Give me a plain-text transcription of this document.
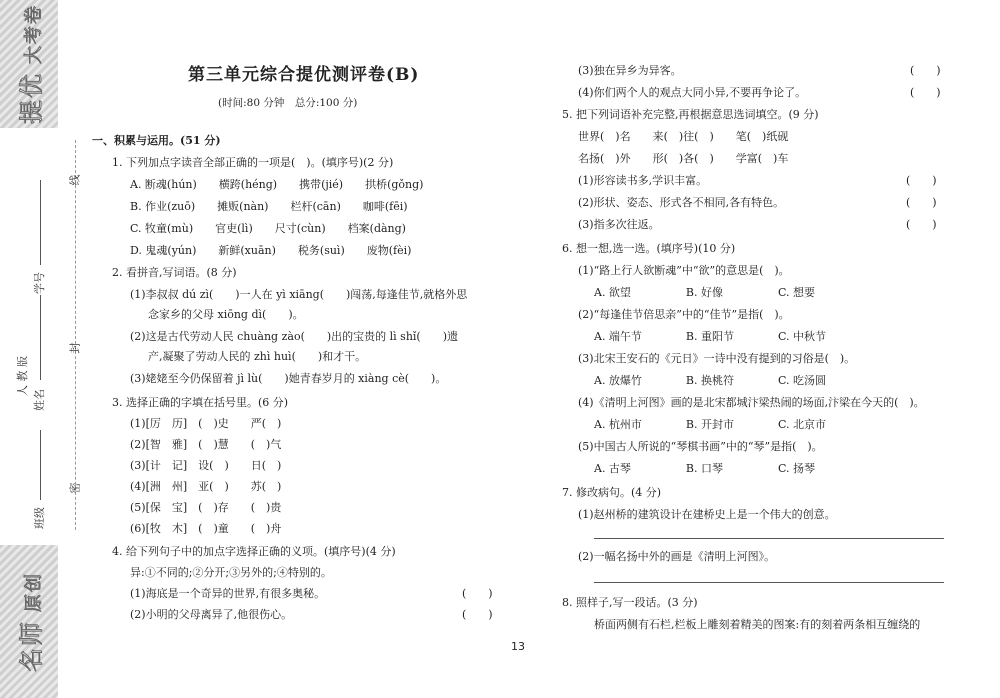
提优大考卷
名师原创
人 教 版
班级
姓名
学号
线
封
密
第三单元综合提优测评卷(B)
(时间:80 分钟　总分:100 分)
一、积累与运用。(51 分)
1. 下列加点字读音全部正确的一项是(　)。(填序号)(2 分)
A. 断魂(hún)　　横跨(héng)　　携带(jié)　　拱桥(gǒng)
B. 作业(zuō)　　摊贩(nàn)　　栏杆(cān)　　咖啡(fēi)
C. 牧童(mù)　　官吏(lì)　　尺寸(cùn)　　档案(dàng)
D. 鬼魂(yún)　　新鲜(xuān)　　税务(suì)　　废物(fèi)
2. 看拼音,写词语。(8 分)
(1)李叔叔 dú zì(　　)一人在 yì xiāng(　　)闯荡,每逢佳节,就格外思
念家乡的父母 xiōng dì(　　)。
(2)这是古代劳动人民 chuàng zào(　　)出的宝贵的 lì shǐ(　　)遗
产,凝聚了劳动人民的 zhì huì(　　)和才干。
(3)姥姥至今仍保留着 jì lù(　　)她青春岁月的 xiàng cè(　　)。
3. 选择正确的字填在括号里。(6 分)
(1)[厉　历]　(　)史　　严(　)
(2)[智　雅]　(　)慧　　(　)气
(3)[计　记]　设(　)　　日(　)
(4)[洲　州]　亚(　)　　苏(　)
(5)[保　宝]　(　)存　　(　)贵
(6)[牧　木]　(　)童　　(　)舟
4. 给下列句子中的加点字选择正确的义项。(填序号)(4 分)
异:①不同的;②分开;③另外的;④特别的。
(1)海底是一个奇异的世界,有很多奥秘。	(　　)
(2)小明的父母离异了,他很伤心。	(　　)
(3)独在异乡为异客。	(　　)
(4)你们两个人的观点大同小异,不要再争论了。	(　　)
5. 把下列词语补充完整,再根据意思选词填空。(9 分)
世界(　)名　　来(　)往(　)　　笔(　)纸砚
名扬(　)外　　形(　)各(　)　　学富(　)车
(1)形容读书多,学识丰富。	(　　)
(2)形状、姿态、形式各不相同,各有特色。	(　　)
(3)指多次往返。	(　　)
6. 想一想,选一选。(填序号)(10 分)
(1)“路上行人欲断魂”中“欲”的意思是(　)。
A. 欲望　　　　　B. 好像　　　　　C. 想要
(2)“每逢佳节倍思亲”中的“佳节”是指(　)。
A. 端午节　　　　B. 重阳节　　　　C. 中秋节
(3)北宋王安石的《元日》一诗中没有提到的习俗是(　)。
A. 放爆竹　　　　B. 换桃符　　　　C. 吃汤圆
(4)《清明上河图》画的是北宋都城汴梁热闹的场面,汴梁在今天的(　)。
A. 杭州市　　　　B. 开封市　　　　C. 北京市
(5)中国古人所说的“琴棋书画”中的“琴”是指(　)。
A. 古琴　　　　　B. 口琴　　　　　C. 扬琴
7. 修改病句。(4 分)
(1)赵州桥的建筑设计在建桥史上是一个伟大的创意。
(2)一幅名扬中外的画是《清明上河图》。
8. 照样子,写一段话。(3 分)
桥面两侧有石栏,栏板上雕刻着精美的图案:有的刻着两条相互缠绕的
13
